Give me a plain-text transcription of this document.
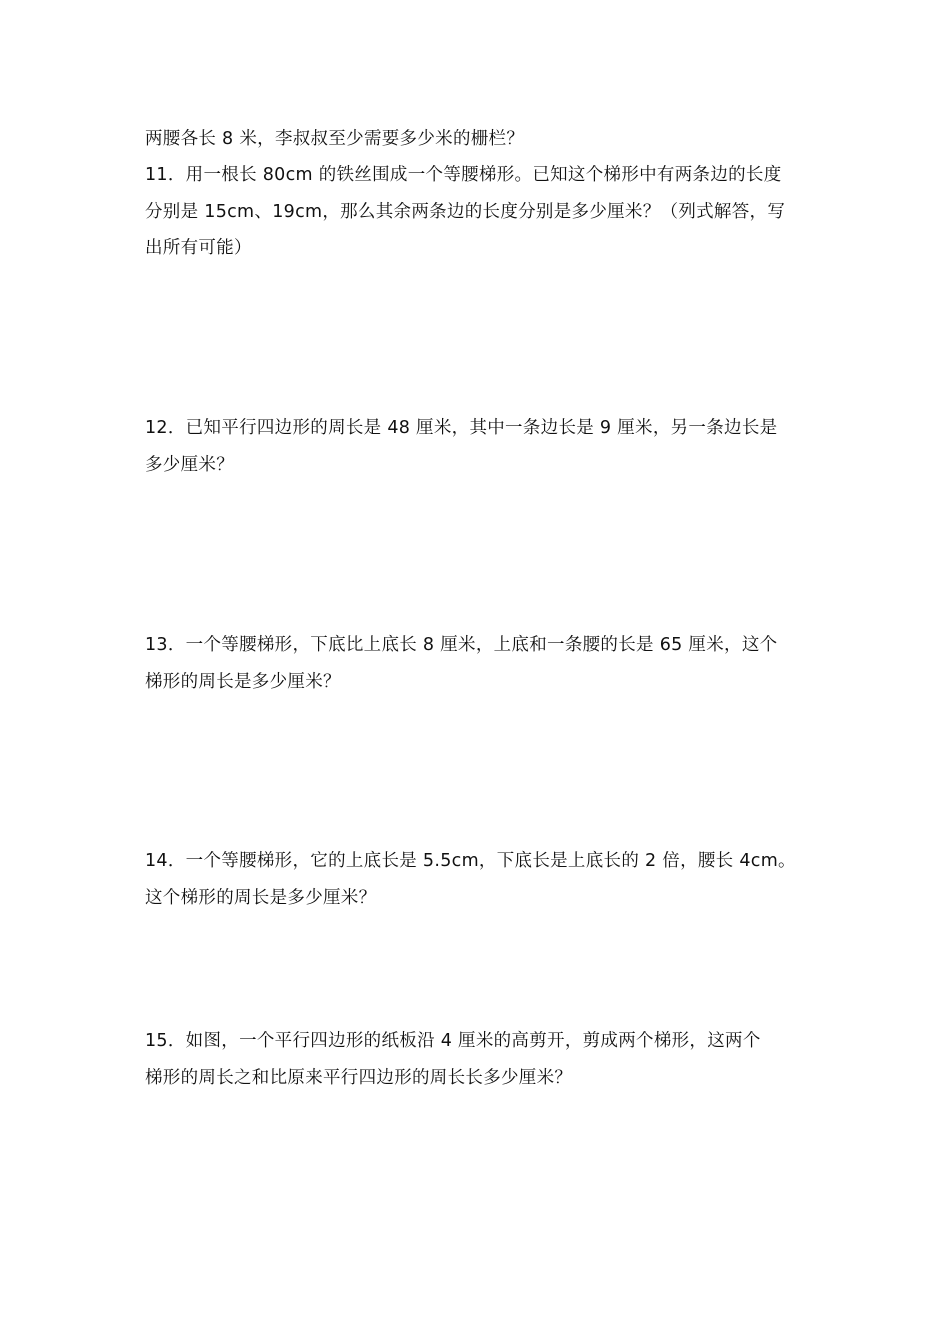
两腰各长 8 米，李叔叔至少需要多少米的栅栏？
11．用一根长 80cm 的铁丝围成一个等腰梯形。已知这个梯形中有两条边的长度
分别是 15cm、19cm，那么其余两条边的长度分别是多少厘米？（列式解答，写
出所有可能）
12．已知平行四边形的周长是 48 厘米，其中一条边长是 9 厘米，另一条边长是
多少厘米？
13．一个等腰梯形，下底比上底长 8 厘米，上底和一条腰的长是 65 厘米，这个
梯形的周长是多少厘米？
14．一个等腰梯形，它的上底长是 5.5cm，下底长是上底长的 2 倍，腰长 4cm。
这个梯形的周长是多少厘米？
15．如图，一个平行四边形的纸板沿 4 厘米的高剪开，剪成两个梯形，这两个
梯形的周长之和比原来平行四边形的周长长多少厘米？
